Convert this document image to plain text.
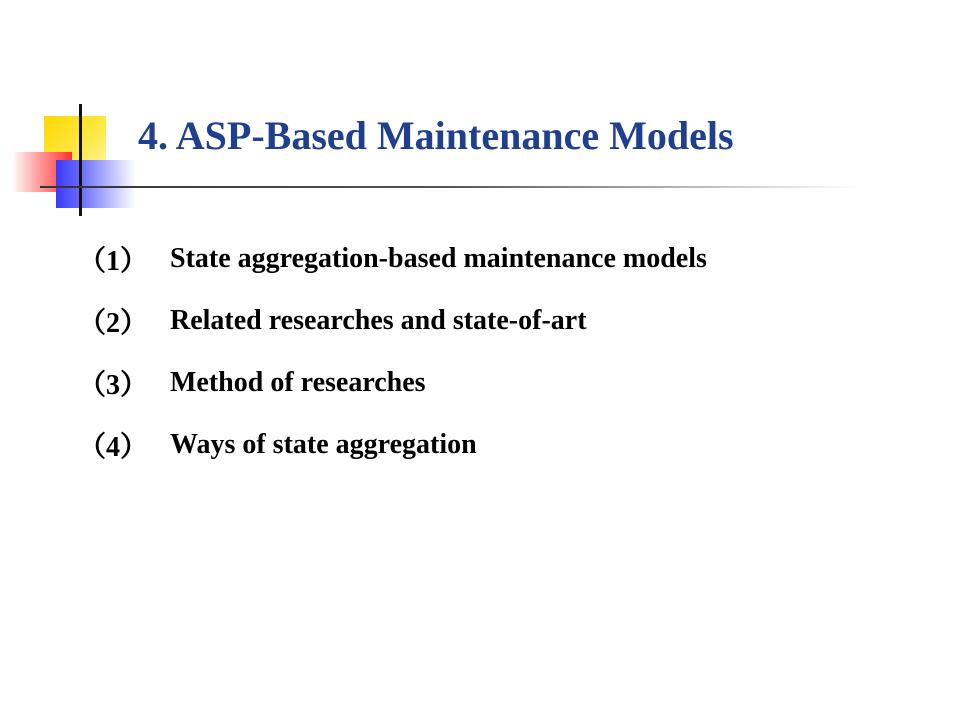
4. ASP-Based Maintenance Models
（1） State aggregation-based maintenance models
（2） Related researches and state-of-art
（3） Method of researches
（4） Ways of state aggregation
